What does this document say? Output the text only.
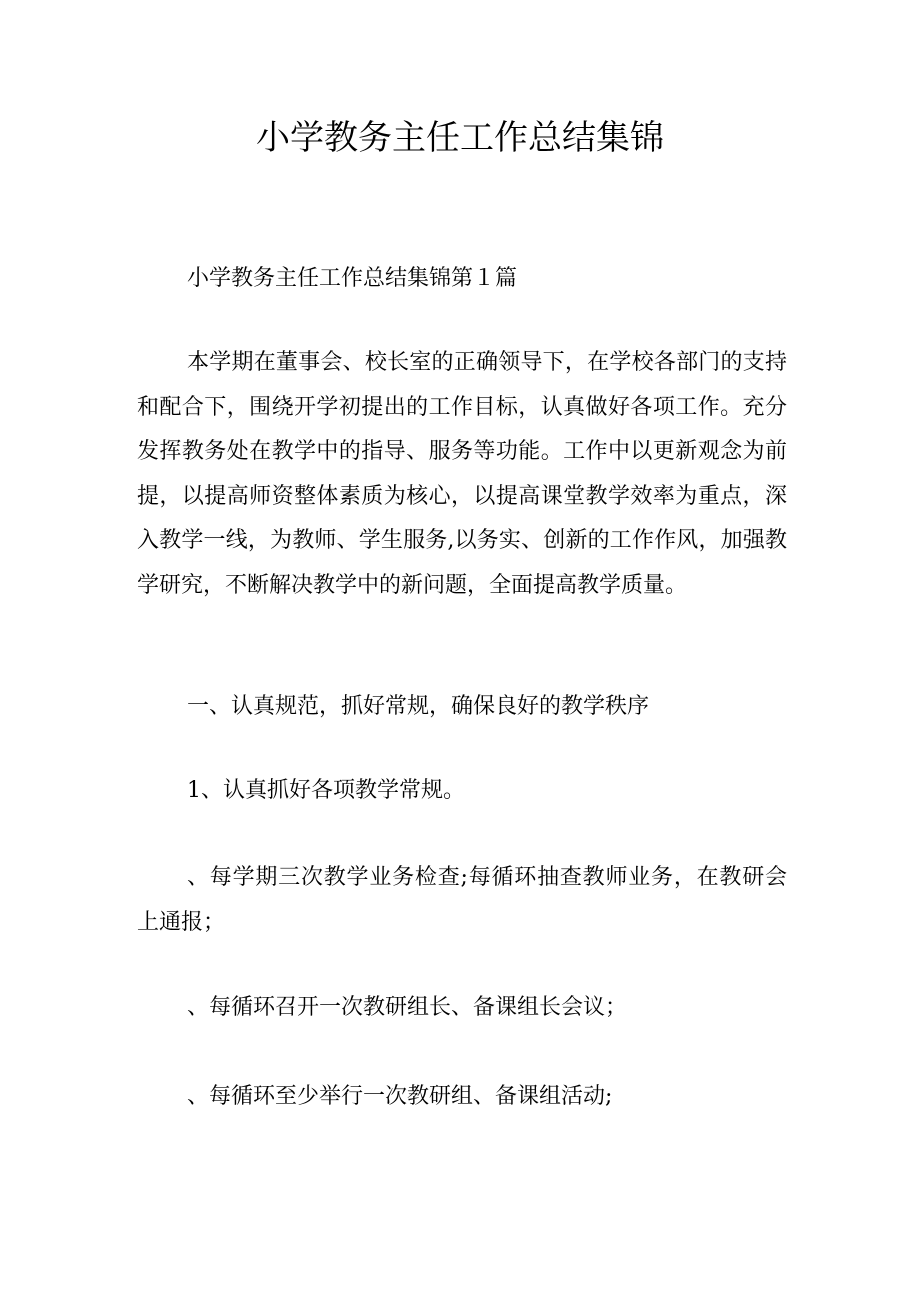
小学教务主任工作总结集锦

小学教务主任工作总结集锦第１篇

本学期在董事会、校长室的正确领导下，在学校各部门的支持和配合下，围绕开学初提出的工作目标，认真做好各项工作。充分发挥教务处在教学中的指导、服务等功能。工作中以更新观念为前提，以提高师资整体素质为核心，以提高课堂教学效率为重点，深入教学一线，为教师、学生服务,以务实、创新的工作作风，加强教学研究，不断解决教学中的新问题，全面提高教学质量。

一、认真规范，抓好常规，确保良好的教学秩序

1、认真抓好各项教学常规。

、每学期三次教学业务检查;每循环抽查教师业务，在教研会上通报；

、每循环召开一次教研组长、备课组长会议；

、每循环至少举行一次教研组、备课组活动;
